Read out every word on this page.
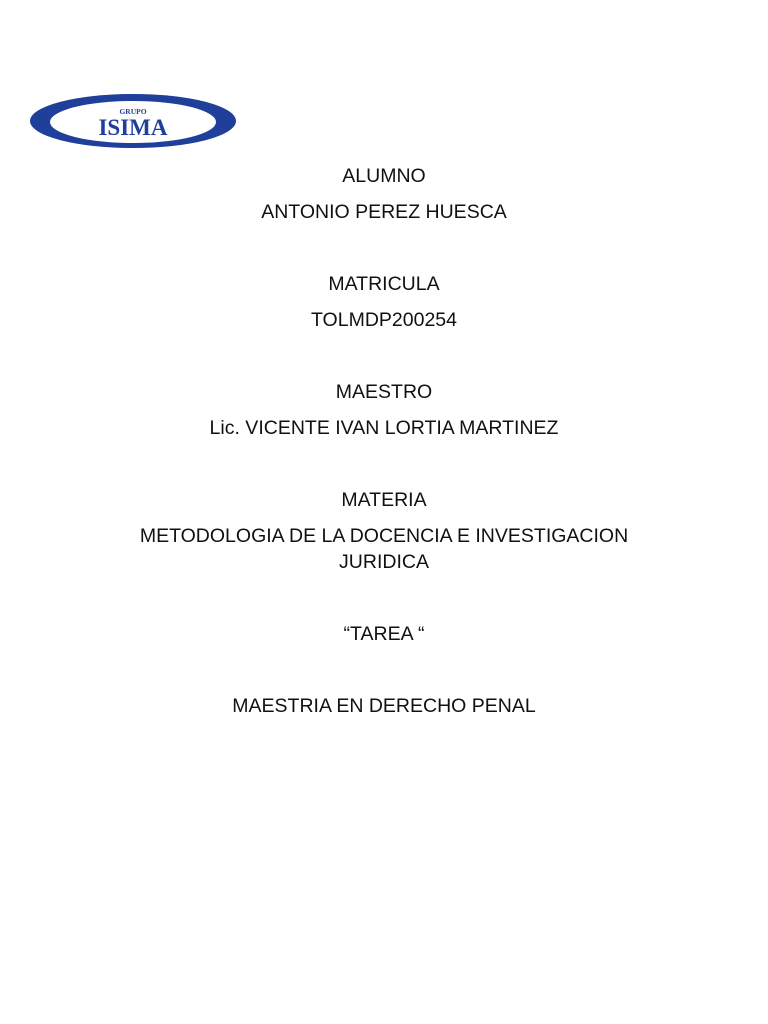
GRUPO
ISIMA
ALUMNO
ANTONIO PEREZ HUESCA
MATRICULA
TOLMDP200254
MAESTRO
Lic. VICENTE IVAN LORTIA MARTINEZ
MATERIA
METODOLOGIA DE LA DOCENCIA E INVESTIGACION
JURIDICA
“TAREA “
MAESTRIA EN DERECHO PENAL
